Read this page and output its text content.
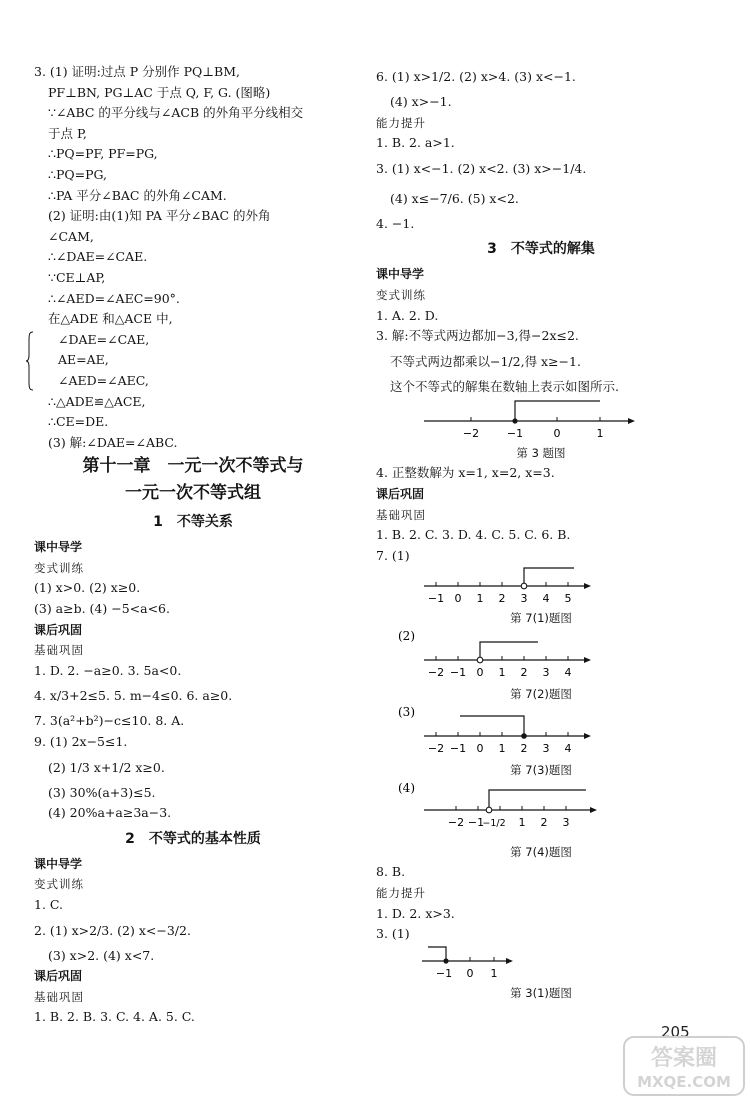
3. (1) 证明:过点 P 分别作 PQ⊥BM,
PF⊥BN, PG⊥AC 于点 Q, F, G. (图略)
∵∠ABC 的平分线与∠ACB 的外角平分线相交
于点 P,
∴PQ=PF, PF=PG,
∴PQ=PG,
∴PA 平分∠BAC 的外角∠CAM.
(2) 证明:由(1)知 PA 平分∠BAC 的外角
∠CAM,
∴∠DAE=∠CAE.
∵CE⊥AP,
∴∠AED=∠AEC=90°.
在△ADE 和△ACE 中,
∠DAE=∠CAE,
AE=AE,
∠AED=∠AEC,
∴△ADE≌△ACE,
∴CE=DE.
(3) 解:∠DAE=∠ABC.
第十一章　一元一次不等式与
一元一次不等式组
1　不等关系
课中导学
变式训练
(1) x>0. (2) x≥0.
(3) a≥b. (4) −5<a<6.
课后巩固
基础巩固
1. D. 2. −a≥0. 3. 5a<0.
4. x/3+2≤5. 5. m−4≤0. 6. a≥0.
7. 3(a²+b²)−c≤10. 8. A.
9. (1) 2x−5≤1.
(2) 1/3 x+1/2 x≥0.
(3) 30%(a+3)≤5.
(4) 20%a+a≥3a−3.
2　不等式的基本性质
课中导学
变式训练
1. C.
2. (1) x>2/3. (2) x<−3/2.
(3) x>2. (4) x<7.
课后巩固
基础巩固
1. B. 2. B. 3. C. 4. A. 5. C.
6. (1) x>1/2. (2) x>4. (3) x<−1.
(4) x>−1.
能力提升
1. B. 2. a>1.
3. (1) x<−1. (2) x<2. (3) x>−1/4.
(4) x≤−7/6. (5) x<2.
4. −1.
3　不等式的解集
课中导学
变式训练
1. A. 2. D.
3. 解:不等式两边都加−3,得−2x≤2.
不等式两边都乘以−1/2,得 x≥−1.
这个不等式的解集在数轴上表示如图所示.
−2	−1	0	1
第 3 题图
4. 正整数解为 x=1, x=2, x=3.
课后巩固
基础巩固
1. B. 2. C. 3. D. 4. C. 5. C. 6. B.
7. (1)
−1 0 1 2 3 4 5
第 7(1)题图
(2)
−2 −1 0 1 2 3 4
第 7(2)题图
(3)
−2 −1 0 1 2 3 4
第 7(3)题图
(4)
−2 −1
−1/2 1 2 3
第 7(4)题图
8. B.
能力提升
1. D. 2. x>3.
3. (1)
−1 0 1
第 3(1)题图
205
答案圈
MXQE.COM
